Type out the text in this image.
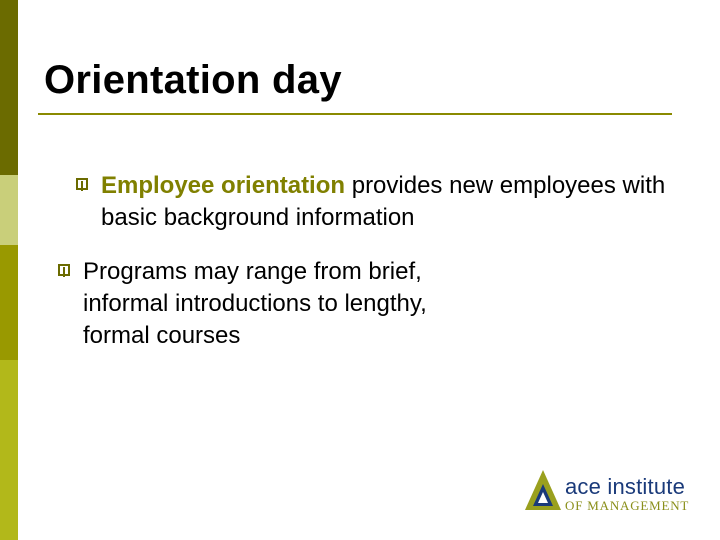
Orientation day
Employee orientation provides new employees with basic background information
Programs may range from brief, informal introductions to lengthy, formal courses
ace institute
OF MANAGEMENT
